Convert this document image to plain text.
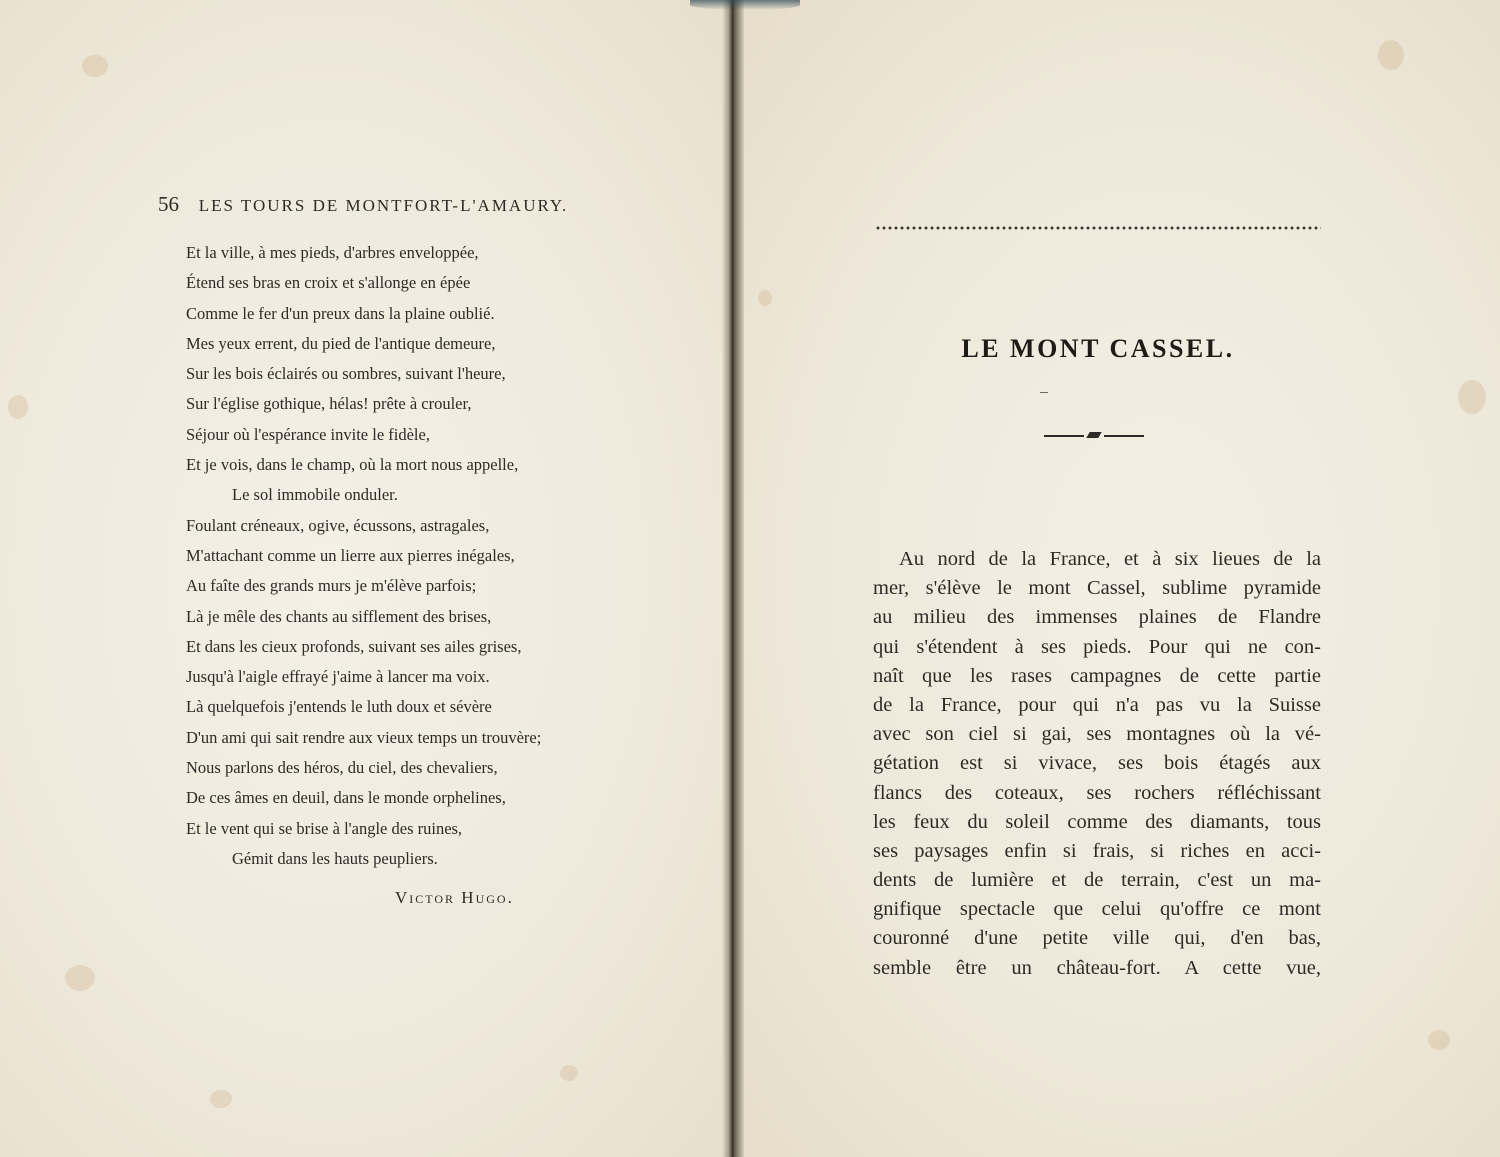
56 LES TOURS DE MONTFORT-L'AMAURY.
Et la ville, à mes pieds, d'arbres enveloppée,
Étend ses bras en croix et s'allonge en épée
Comme le fer d'un preux dans la plaine oublié.
Mes yeux errent, du pied de l'antique demeure,
Sur les bois éclairés ou sombres, suivant l'heure,
Sur l'église gothique, hélas! prête à crouler,
Séjour où l'espérance invite le fidèle,
Et je vois, dans le champ, où la mort nous appelle,
Le sol immobile onduler.
Foulant créneaux, ogive, écussons, astragales,
M'attachant comme un lierre aux pierres inégales,
Au faîte des grands murs je m'élève parfois;
Là je mêle des chants au sifflement des brises,
Et dans les cieux profonds, suivant ses ailes grises,
Jusqu'à l'aigle effrayé j'aime à lancer ma voix.
Là quelquefois j'entends le luth doux et sévère
D'un ami qui sait rendre aux vieux temps un trouvère;
Nous parlons des héros, du ciel, des chevaliers,
De ces âmes en deuil, dans le monde orphelines,
Et le vent qui se brise à l'angle des ruines,
Gémit dans les hauts peupliers.
Victor Hugo.
LE MONT CASSEL.
Au nord de la France, et à six lieues de la
mer, s'élève le mont Cassel, sublime pyramide
au milieu des immenses plaines de Flandre
qui s'étendent à ses pieds. Pour qui ne con-
naît que les rases campagnes de cette partie
de la France, pour qui n'a pas vu la Suisse
avec son ciel si gai, ses montagnes où la vé-
gétation est si vivace, ses bois étagés aux
flancs des coteaux, ses rochers réfléchissant
les feux du soleil comme des diamants, tous
ses paysages enfin si frais, si riches en acci-
dents de lumière et de terrain, c'est un ma-
gnifique spectacle que celui qu'offre ce mont
couronné d'une petite ville qui, d'en bas,
semble être un château-fort. A cette vue,
